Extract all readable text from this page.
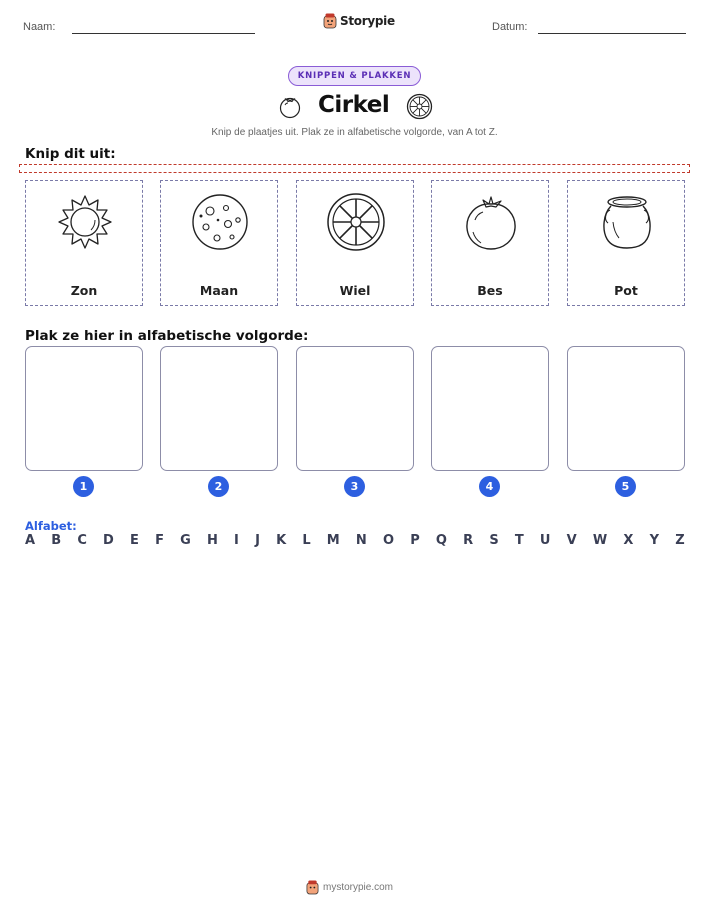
Naam:	Storypie	Datum:
KNIPPEN & PLAKKEN
Cirkel
Knip de plaatjes uit. Plak ze in alfabetische volgorde, van A tot Z.
Knip dit uit:
Zon	Maan	Wiel	Bes	Pot
Plak ze hier in alfabetische volgorde:
1	2	3	4	5
Alfabet:
A B C D E F G H I J K L M N O P Q R S T U V W X Y Z
mystorypie.com
